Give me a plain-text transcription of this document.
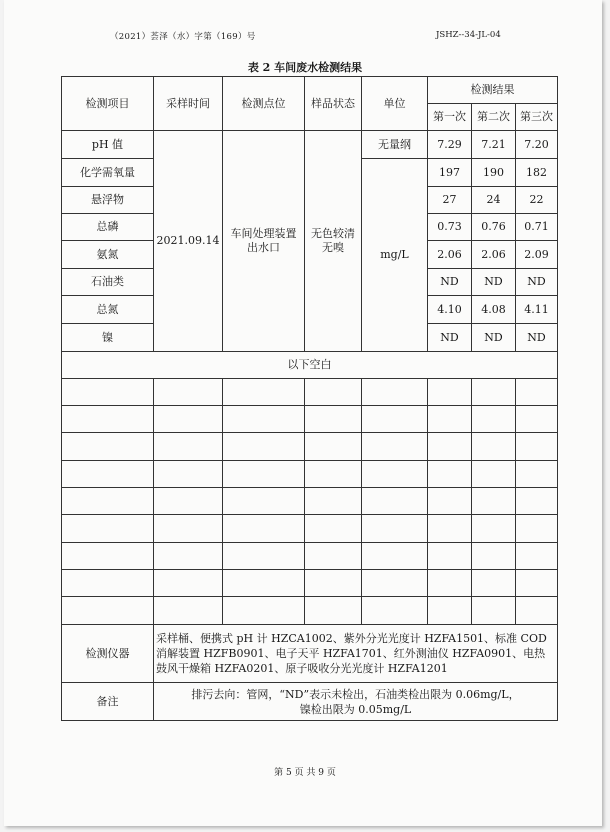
（2021）荟泽（水）字第（169）号	JSHZ--34-JL-04
表 2 车间废水检测结果
检测项目	采样时间	检测点位	样品状态	单位	检测结果		
					第一次	第二次	第三次
pH 值	2021.09.14	车间处理装置出水口	无色较清无嗅	无量纲	7.29	7.21	7.20
化学需氧量				mg/L	197	190	182
悬浮物					27	24	22
总磷					0.73	0.76	0.71
氨氮					2.06	2.06	2.09
石油类					ND	ND	ND
总氮					4.10	4.08	4.11
镍					ND	ND	ND
以下空白							

检测仪器	采样桶、便携式 pH 计 HZCA1002、紫外分光光度计 HZFA1501、标准 COD 消解装置 HZFB0901、电子天平 HZFA1701、红外测油仪 HZFA0901、电热鼓风干燥箱 HZFA0201、原子吸收分光光度计 HZFA1201						
备注	排污去向：管网，“ND”表示未检出，石油类检出限为 0.06mg/L，
镍检出限为 0.05mg/L						
第 5 页 共 9 页
